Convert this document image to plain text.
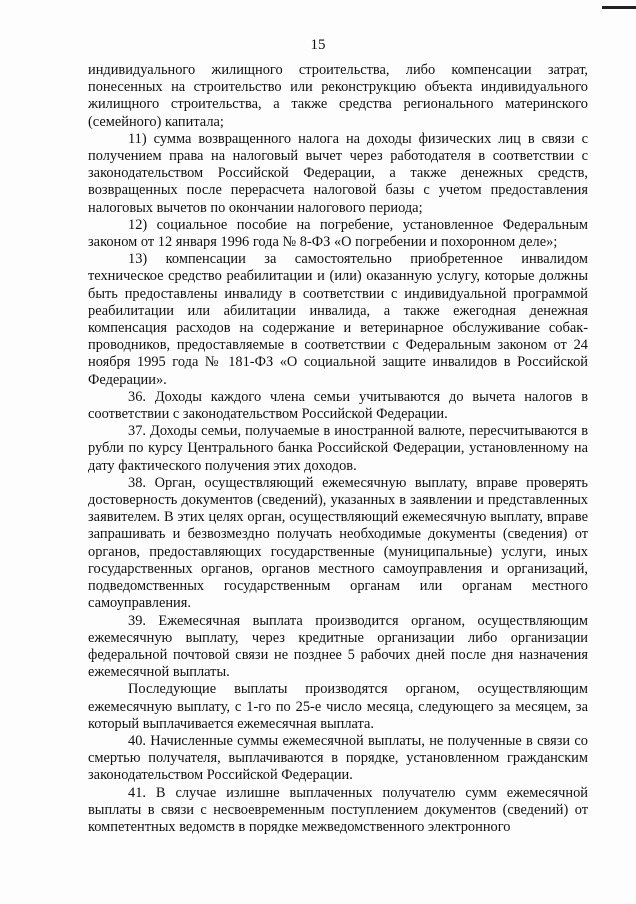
15

индивидуального жилищного строительства, либо компенсации затрат, понесенных на строительство или реконструкцию объекта индивидуального жилищного строительства, а также средства регионального материнского (семейного) капитала;

11) сумма возвращенного налога на доходы физических лиц в связи с получением права на налоговый вычет через работодателя в соответствии с законодательством Российской Федерации, а также денежных средств, возвращенных после перерасчета налоговой базы с учетом предоставления налоговых вычетов по окончании налогового периода;

12) социальное пособие на погребение, установленное Федеральным законом от 12 января 1996 года № 8-ФЗ «О погребении и похоронном деле»;

13) компенсации за самостоятельно приобретенное инвалидом техническое средство реабилитации и (или) оказанную услугу, которые должны быть предоставлены инвалиду в соответствии с индивидуальной программой реабилитации или абилитации инвалида, а также ежегодная денежная компенсация расходов на содержание и ветеринарное обслуживание собак-проводников, предоставляемые в соответствии с Федеральным законом от 24 ноября 1995 года № 181-ФЗ «О социальной защите инвалидов в Российской Федерации».

36. Доходы каждого члена семьи учитываются до вычета налогов в соответствии с законодательством Российской Федерации.

37. Доходы семьи, получаемые в иностранной валюте, пересчитываются в рубли по курсу Центрального банка Российской Федерации, установленному на дату фактического получения этих доходов.

38. Орган, осуществляющий ежемесячную выплату, вправе проверять достоверность документов (сведений), указанных в заявлении и представленных заявителем. В этих целях орган, осуществляющий ежемесячную выплату, вправе запрашивать и безвозмездно получать необходимые документы (сведения) от органов, предоставляющих государственные (муниципальные) услуги, иных государственных органов, органов местного самоуправления и организаций, подведомственных государственным органам или органам местного самоуправления.

39. Ежемесячная выплата производится органом, осуществляющим ежемесячную выплату, через кредитные организации либо организации федеральной почтовой связи не позднее 5 рабочих дней после дня назначения ежемесячной выплаты.

Последующие выплаты производятся органом, осуществляющим ежемесячную выплату, с 1-го по 25-е число месяца, следующего за месяцем, за который выплачивается ежемесячная выплата.

40. Начисленные суммы ежемесячной выплаты, не полученные в связи со смертью получателя, выплачиваются в порядке, установленном гражданским законодательством Российской Федерации.

41. В случае излишне выплаченных получателю сумм ежемесячной выплаты в связи с несвоевременным поступлением документов (сведений) от компетентных ведомств в порядке межведомственного электронного
